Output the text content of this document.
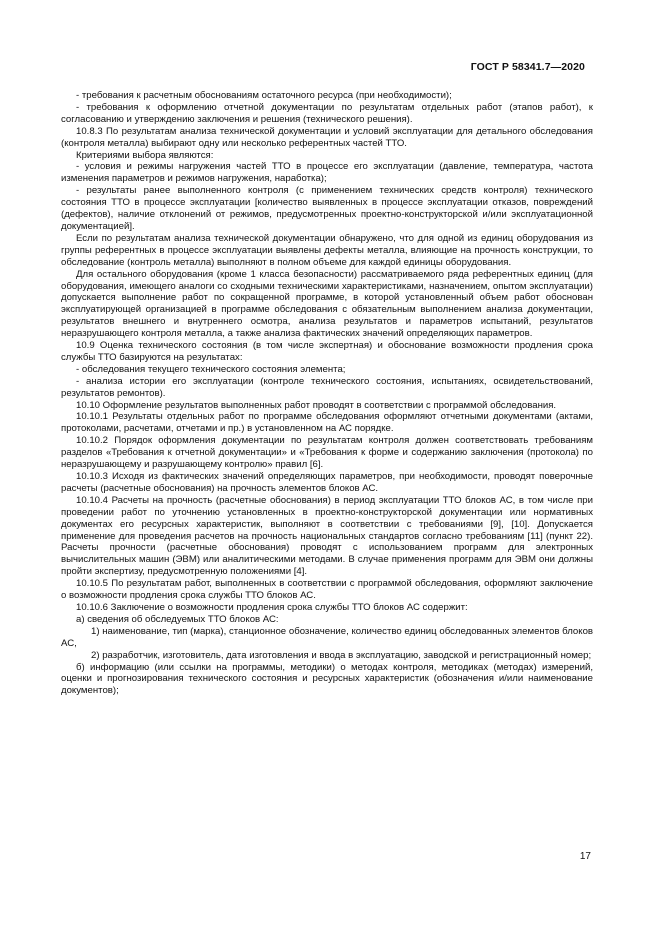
ГОСТ Р 58341.7—2020

- требования к расчетным обоснованиям остаточного ресурса (при необходимости);

- требования к оформлению отчетной документации по результатам отдельных работ (этапов работ), к согласованию и утверждению заключения и решения (технического решения).

10.8.3 По результатам анализа технической документации и условий эксплуатации для детального обследования (контроля металла) выбирают одну или несколько референтных частей ТТО.

Критериями выбора являются:

- условия и режимы нагружения частей ТТО в процессе его эксплуатации (давление, температура, частота изменения параметров и режимов нагружения, наработка);

- результаты ранее выполненного контроля (с применением технических средств контроля) технического состояния ТТО в процессе эксплуатации [количество выявленных в процессе эксплуатации отказов, повреждений (дефектов), наличие отклонений от режимов, предусмотренных проектно-конструкторской и/или эксплуатационной документацией].

Если по результатам анализа технической документации обнаружено, что для одной из единиц оборудования из группы референтных в процессе эксплуатации выявлены дефекты металла, влияющие на прочность конструкции, то обследование (контроль металла) выполняют в полном объеме для каждой единицы оборудования.

Для остального оборудования (кроме 1 класса безопасности) рассматриваемого ряда референтных единиц (для оборудования, имеющего аналоги со сходными техническими характеристиками, назначением, опытом эксплуатации) допускается выполнение работ по сокращенной программе, в которой установленный объем работ обоснован эксплуатирующей организацией в программе обследования с обязательным выполнением анализа документации, результатов внешнего и внутреннего осмотра, анализа результатов и параметров испытаний, результатов неразрушающего контроля металла, а также анализа фактических значений определяющих параметров.

10.9 Оценка технического состояния (в том числе экспертная) и обоснование возможности продления срока службы ТТО базируются на результатах:

- обследования текущего технического состояния элемента;

- анализа истории его эксплуатации (контроле технического состояния, испытаниях, освидетельствований, результатов ремонтов).

10.10 Оформление результатов выполненных работ проводят в соответствии с программой обследования.

10.10.1 Результаты отдельных работ по программе обследования оформляют отчетными документами (актами, протоколами, расчетами, отчетами и пр.) в установленном на АС порядке.

10.10.2 Порядок оформления документации по результатам контроля должен соответствовать требованиям разделов «Требования к отчетной документации» и «Требования к форме и содержанию заключения (протокола) по неразрушающему и разрушающему контролю» правил [6].

10.10.3 Исходя из фактических значений определяющих параметров, при необходимости, проводят поверочные расчеты (расчетные обоснования) на прочность элементов блоков АС.

10.10.4 Расчеты на прочность (расчетные обоснования) в период эксплуатации ТТО блоков АС, в том числе при проведении работ по уточнению установленных в проектно-конструкторской документации или нормативных документах его ресурсных характеристик, выполняют в соответствии с требованиями [9], [10]. Допускается применение для проведения расчетов на прочность национальных стандартов согласно требованиям [11] (пункт 22). Расчеты прочности (расчетные обоснования) проводят с использованием программ для электронных вычислительных машин (ЭВМ) или аналитическими методами. В случае применения программ для ЭВМ они должны пройти экспертизу, предусмотренную положениями [4].

10.10.5 По результатам работ, выполненных в соответствии с программой обследования, оформляют заключение о возможности продления срока службы ТТО блоков АС.

10.10.6 Заключение о возможности продления срока службы ТТО блоков АС содержит:

а) сведения об обследуемых ТТО блоков АС:

1) наименование, тип (марка), станционное обозначение, количество единиц обследованных элементов блоков АС,

2) разработчик, изготовитель, дата изготовления и ввода в эксплуатацию, заводской и регистрационный номер;

б) информацию (или ссылки на программы, методики) о методах контроля, методиках (методах) измерений, оценки и прогнозирования технического состояния и ресурсных характеристик (обозначения и/или наименование документов);

17
